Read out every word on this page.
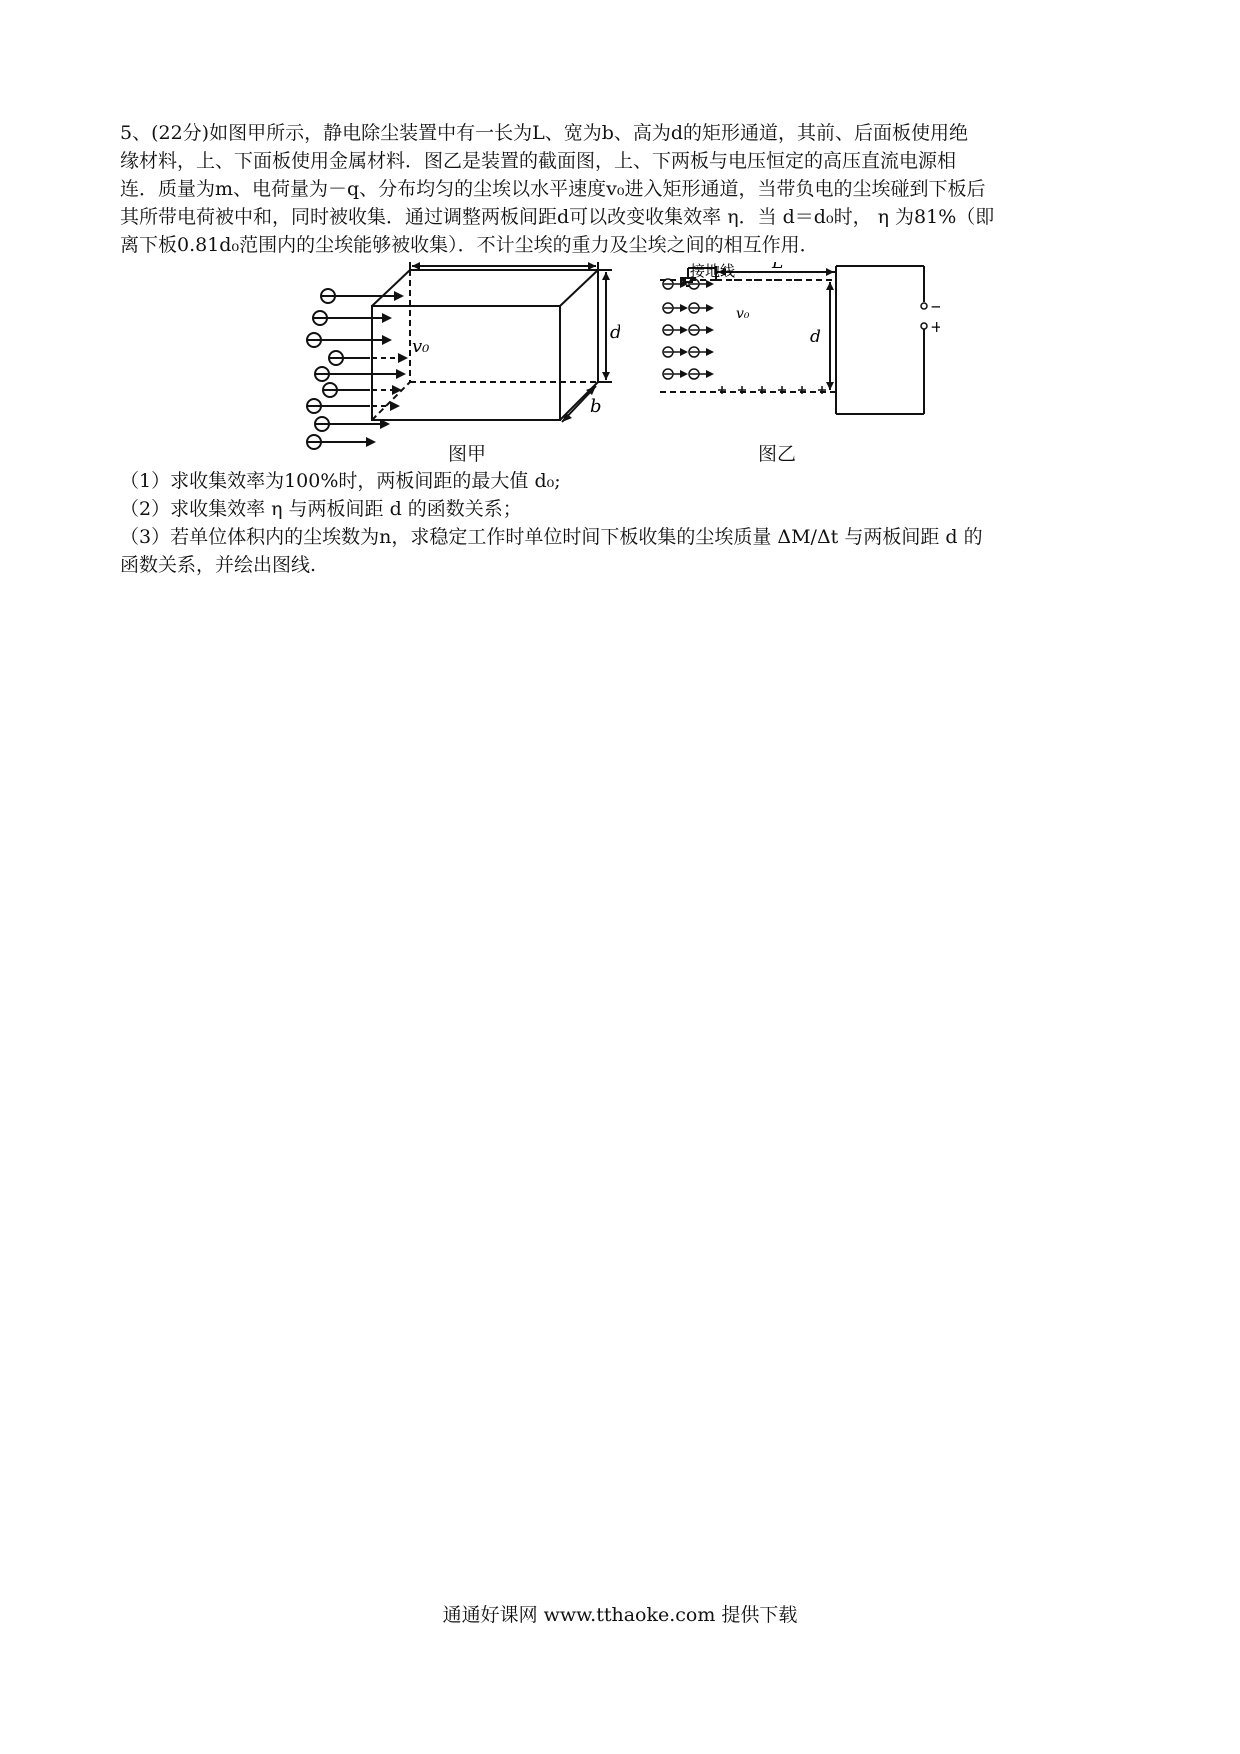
5、(22分)如图甲所示，静电除尘装置中有一长为L、宽为b、高为d的矩形通道，其前、后面板使用绝
缘材料，上、下面板使用金属材料．图乙是装置的截面图，上、下两板与电压恒定的高压直流电源相
连．质量为m、电荷量为－q、分布均匀的尘埃以水平速度v₀进入矩形通道，当带负电的尘埃碰到下板后
其所带电荷被中和，同时被收集．通过调整两板间距d可以改变收集效率 η．当 d＝d₀时， η 为81%（即
离下板0.81d₀范围内的尘埃能够被收集）．不计尘埃的重力及尘埃之间的相互作用．
b
v₀
图甲
接地线 L
d
v₀	−
+
图乙
（1）求收集效率为100%时，两板间距的最大值 d₀;
（2）求收集效率 η 与两板间距 d 的函数关系；
（3）若单位体积内的尘埃数为n，求稳定工作时单位时间下板收集的尘埃质量 ΔM/Δt 与两板间距 d 的
函数关系，并绘出图线.
通通好课网 www.tthaoke.com 提供下载
